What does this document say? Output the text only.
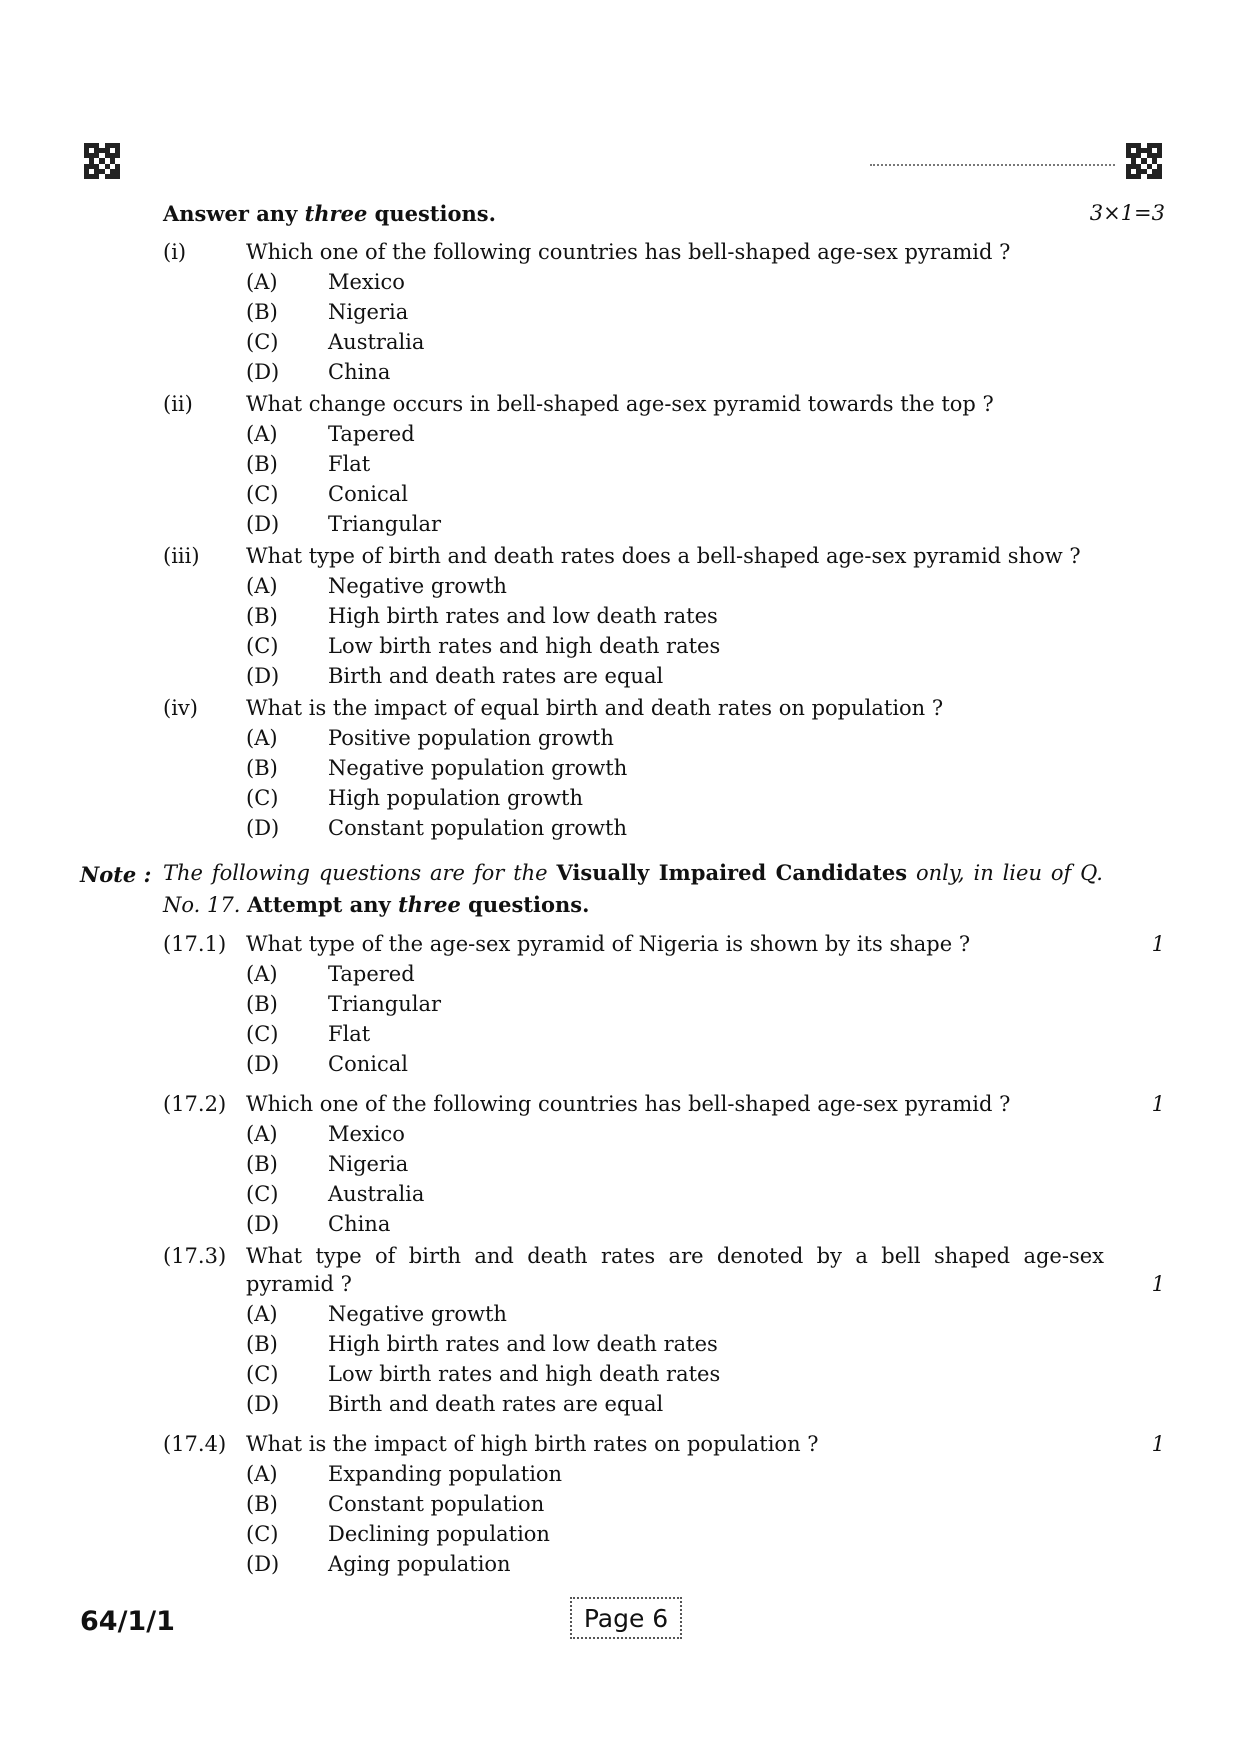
Answer any three questions.	3×1=3
(i)	Which one of the following countries has bell-shaped age-sex pyramid ?
(A) Mexico
(B) Nigeria
(C) Australia
(D) China
(ii)	What change occurs in bell-shaped age-sex pyramid towards the top ?
(A) Tapered
(B) Flat
(C) Conical
(D) Triangular
(iii) What type of birth and death rates does a bell-shaped age-sex pyramid show ?
(A) Negative growth
(B) High birth rates and low death rates
(C) Low birth rates and high death rates
(D) Birth and death rates are equal
(iv) What is the impact of equal birth and death rates on population ?
(A) Positive population growth
(B) Negative population growth
(C) High population growth
(D) Constant population growth
Note : The following questions are for the Visually Impaired Candidates only, in lieu of Q. No. 17. Attempt any three questions.
(17.1) What type of the age-sex pyramid of Nigeria is shown by its shape ?	1
(A) Tapered
(B) Triangular
(C) Flat
(D) Conical
(17.2) Which one of the following countries has bell-shaped age-sex pyramid ?	1
(A) Mexico
(B) Nigeria
(C) Australia
(D) China
(17.3) What type of birth and death rates are denoted by a bell shaped age-sex
pyramid ?	1
(A) Negative growth
(B) High birth rates and low death rates
(C) Low birth rates and high death rates
(D) Birth and death rates are equal
(17.4) What is the impact of high birth rates on population ?	1
(A) Expanding population
(B) Constant population
(C) Declining population
(D) Aging population
64/1/1	Page 6
